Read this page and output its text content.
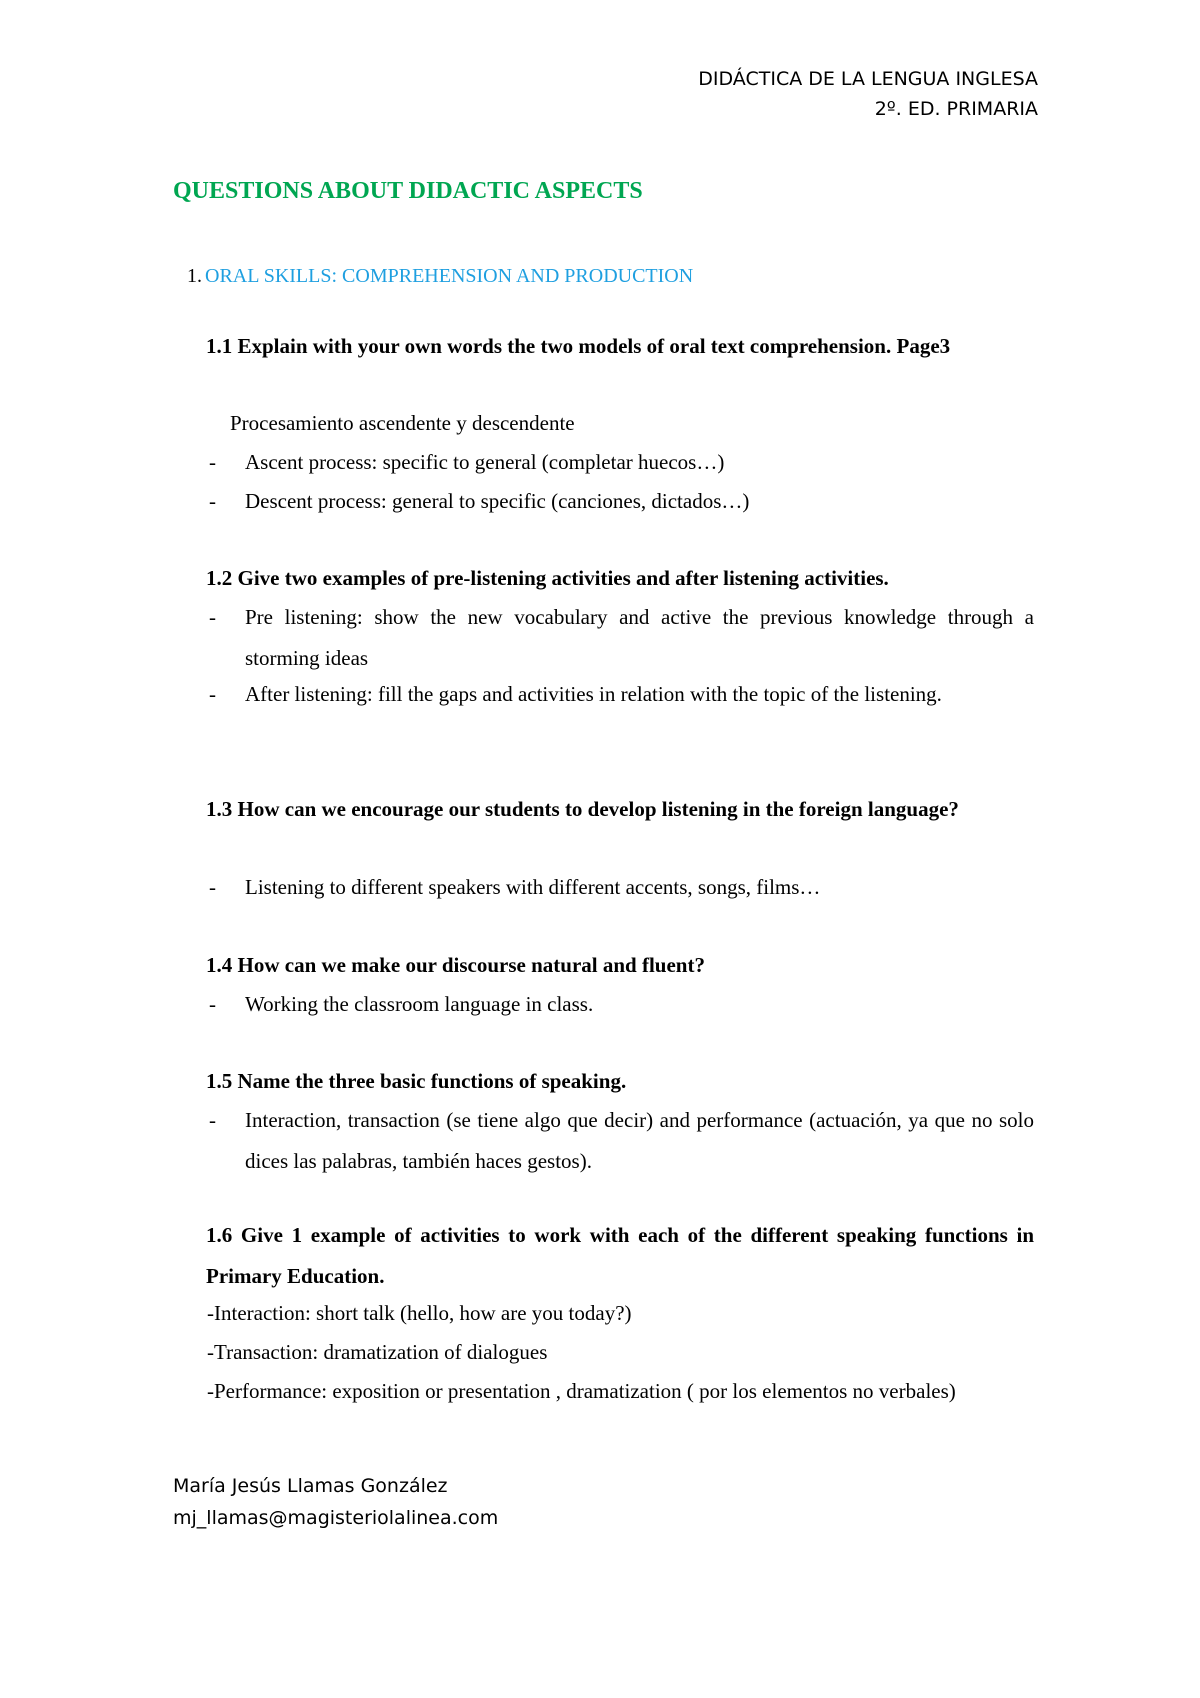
DIDÁCTICA DE LA LENGUA INGLESA
2º. ED. PRIMARIA
QUESTIONS ABOUT DIDACTIC ASPECTS
1. ORAL SKILLS: COMPREHENSION AND PRODUCTION
1.1 Explain with your own words the two models of oral text comprehension. Page3
Procesamiento ascendente y descendente
- Ascent process: specific to general (completar huecos…)
- Descent process: general to specific (canciones, dictados…)
1.2 Give two examples of pre-listening activities and after listening activities.
- Pre listening: show the new vocabulary and active the previous knowledge through a storming ideas
- After listening: fill the gaps and activities in relation with the topic of the listening.
1.3 How can we encourage our students to develop listening in the foreign language?
- Listening to different speakers with different accents, songs, films…
1.4 How can we make our discourse natural and fluent?
- Working the classroom language in class.
1.5 Name the three basic functions of speaking.
- Interaction, transaction (se tiene algo que decir) and performance (actuación, ya que no solo dices las palabras, también haces gestos).
1.6 Give 1 example of activities to work with each of the different speaking functions in Primary Education.
-Interaction: short talk (hello, how are you today?)
-Transaction: dramatization of dialogues
-Performance: exposition or presentation , dramatization ( por los elementos no verbales)
María Jesús Llamas González
mj_llamas@magisteriolalinea.com
